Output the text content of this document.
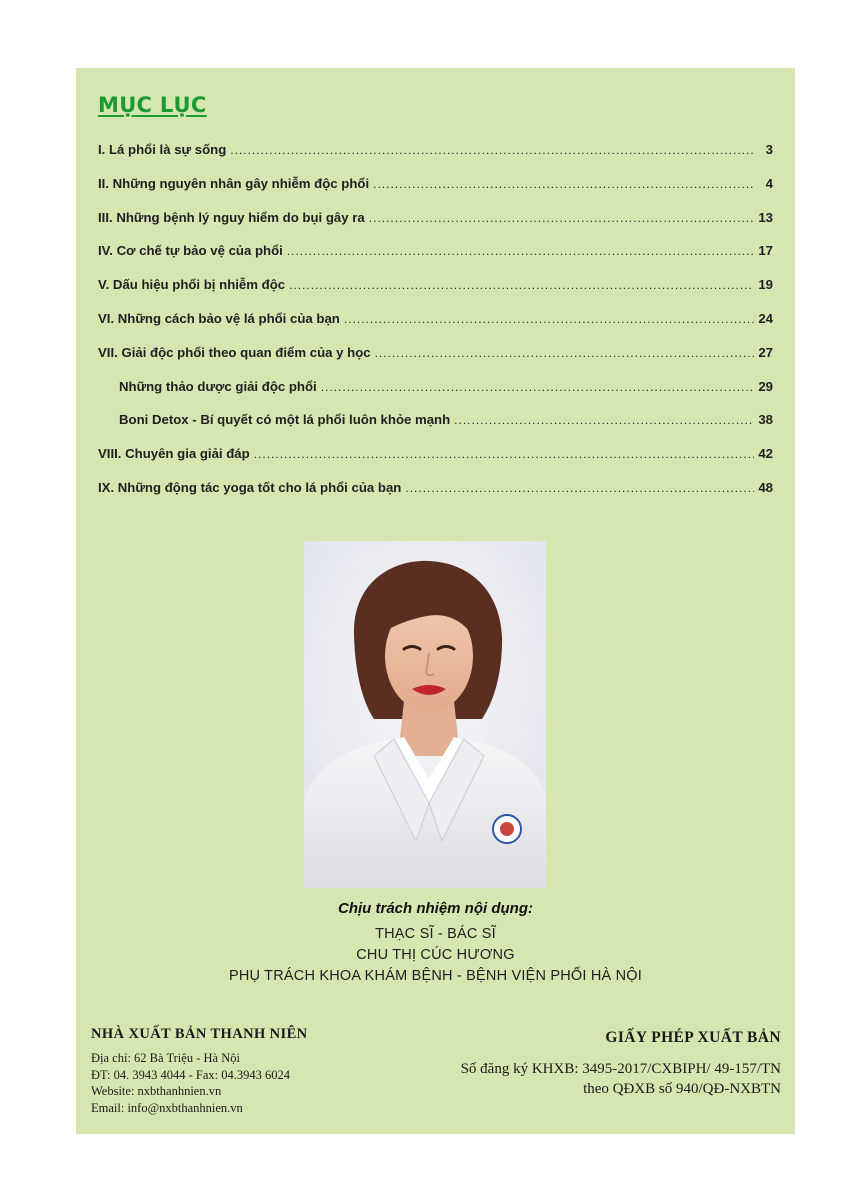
MỤC LỤC
I. Lá phổi là sự sống .....	3
II. Những nguyên nhân gây nhiễm độc phổi .....	4
III. Những bệnh lý nguy hiểm do bụi gây ra .....	13
IV. Cơ chế tự bảo vệ của phổi .....	17
V. Dấu hiệu phổi bị nhiễm độc .....	19
VI. Những cách bảo vệ lá phổi của bạn .....	24
VII. Giải độc phổi theo quan điểm của y học .....	27
Những thảo dược giải độc phổi .....	29
Boni Detox - Bí quyết có một lá phổi luôn khỏe mạnh .....	38
VIII. Chuyên gia giải đáp .....	42
IX. Những động tác yoga tốt cho lá phổi của bạn .....	48
Chịu trách nhiệm nội dụng:
THẠC SĨ - BÁC SĨ
CHU THỊ CÚC HƯƠNG
PHỤ TRÁCH KHOA KHÁM BỆNH - BỆNH VIỆN PHỔI HÀ NỘI
NHÀ XUẤT BẢN THANH NIÊN
Địa chỉ: 62 Bà Triệu - Hà Nội
ĐT: 04. 3943 4044 - Fax: 04.3943 6024
Website: nxbthanhnien.vn
Email: info@nxbthanhnien.vn
GIẤY PHÉP XUẤT BẢN
Số đăng ký KHXB: 3495-2017/CXBIPH/ 49-157/TN
theo QĐXB số 940/QĐ-NXBTN
